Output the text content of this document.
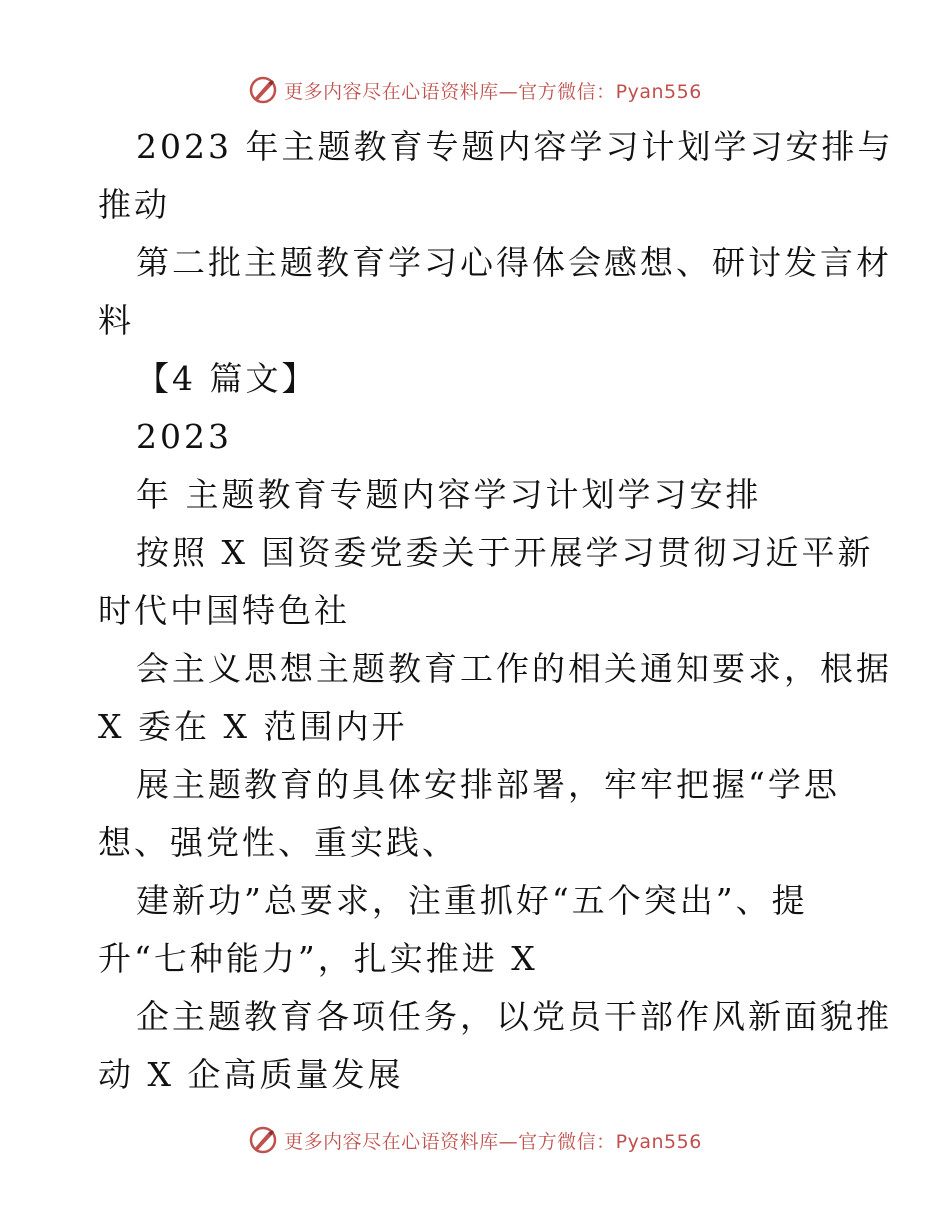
更多内容尽在心语资料库—官方微信：Pyan556
2023 年主题教育专题内容学习计划学习安排与
推动
第二批主题教育学习心得体会感想、研讨发言材
料
【4 篇文】
2023
年 主题教育专题内容学习计划学习安排
按照 X 国资委党委关于开展学习贯彻习近平新
时代中国特色社
会主义思想主题教育工作的相关通知要求，根据
X 委在 X 范围内开
展主题教育的具体安排部署，牢牢把握“学思
想、强党性、重实践、
建新功”总要求，注重抓好“五个突出”、提
升“七种能力”，扎实推进 X
企主题教育各项任务，以党员干部作风新面貌推
动 X 企高质量发展
更多内容尽在心语资料库—官方微信：Pyan556
